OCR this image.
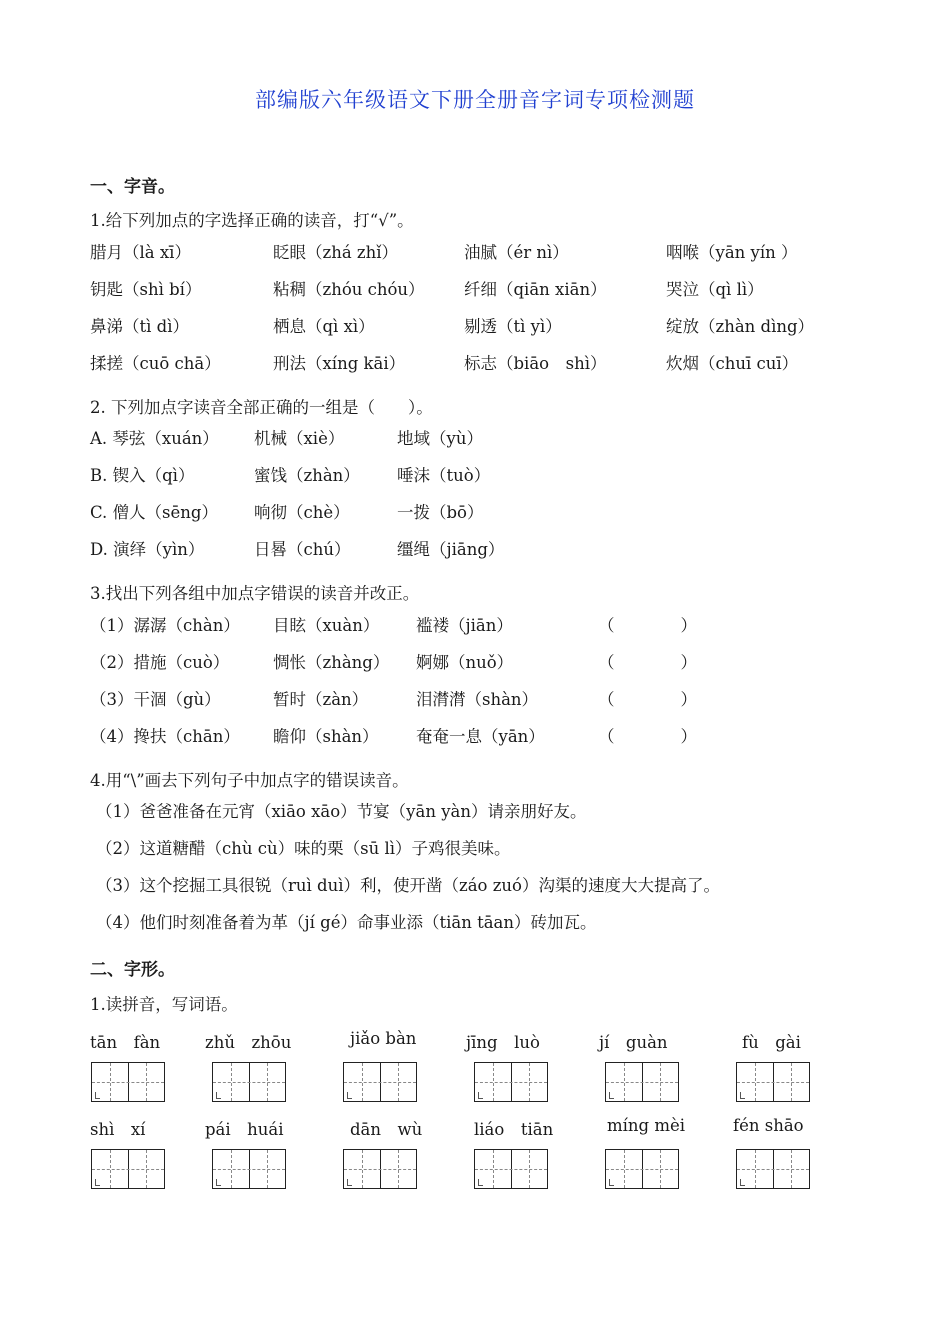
部编版六年级语文下册全册音字词专项检测题
一、字音。
1.给下列加点的字选择正确的读音，打“√”。
腊月（là xī）	眨眼（zhá zhǐ）	油腻（ér nì）	咽喉（yān yín ）
钥匙（shì bí）	粘稠（zhóu chóu） 纤细（qiān xiān）	哭泣（qì lì）
鼻涕（tì dì）	栖息（qì xì）	剔透（tì yì）	绽放（zhàn dìng）
揉搓（cuō chā）	刑法（xíng kāi）	标志（biāo　shì）	炊烟（chuī cuī）
2. 下列加点字读音全部正确的一组是（　　）。
A. 琴弦（xuán） 机械（xiè）	地域（yù）
B. 锲入（qì）	蜜饯（zhàn） 唾沫（tuò）
C. 僧人（sēng） 响彻（chè）	一拨（bō）
D. 演绎（yìn）	日晷（chú）	缰绳（jiāng）
3.找出下列各组中加点字错误的读音并改正。
（1）潺潺（chàn） 目眩（xuàn） 褴褛（jiān）	（　　　　）
（2）措施（cuò）	惆怅（zhàng） 婀娜（nuǒ）	（　　　　）
（3）干涸（gù）	暂时（zàn）	泪潸潸（shàn）	（　　　　）
（4）搀扶（chān） 瞻仰（shàn） 奄奄一息（yān）	（　　　　）
4.用“\”画去下列句子中加点字的错误读音。
（1）爸爸准备在元宵（xiāo xāo）节宴（yān yàn）请亲朋好友。
（2）这道糖醋（chù cù）味的栗（sū lì）子鸡很美味。
（3）这个挖掘工具很锐（ruì duì）利，使开凿（záo zuó）沟渠的速度大大提高了。
（4）他们时刻准备着为革（jí gé）命事业添（tiān tāan）砖加瓦。
二、字形。
1.读拼音，写词语。
tān　fàn	zhǔ　zhōu	jiǎo bàn	jīng　luò	jí　guàn	fù　gài
shì　xí	pái　huái	dān　wù	liáo　tiān	míng mèi	fén shāo
